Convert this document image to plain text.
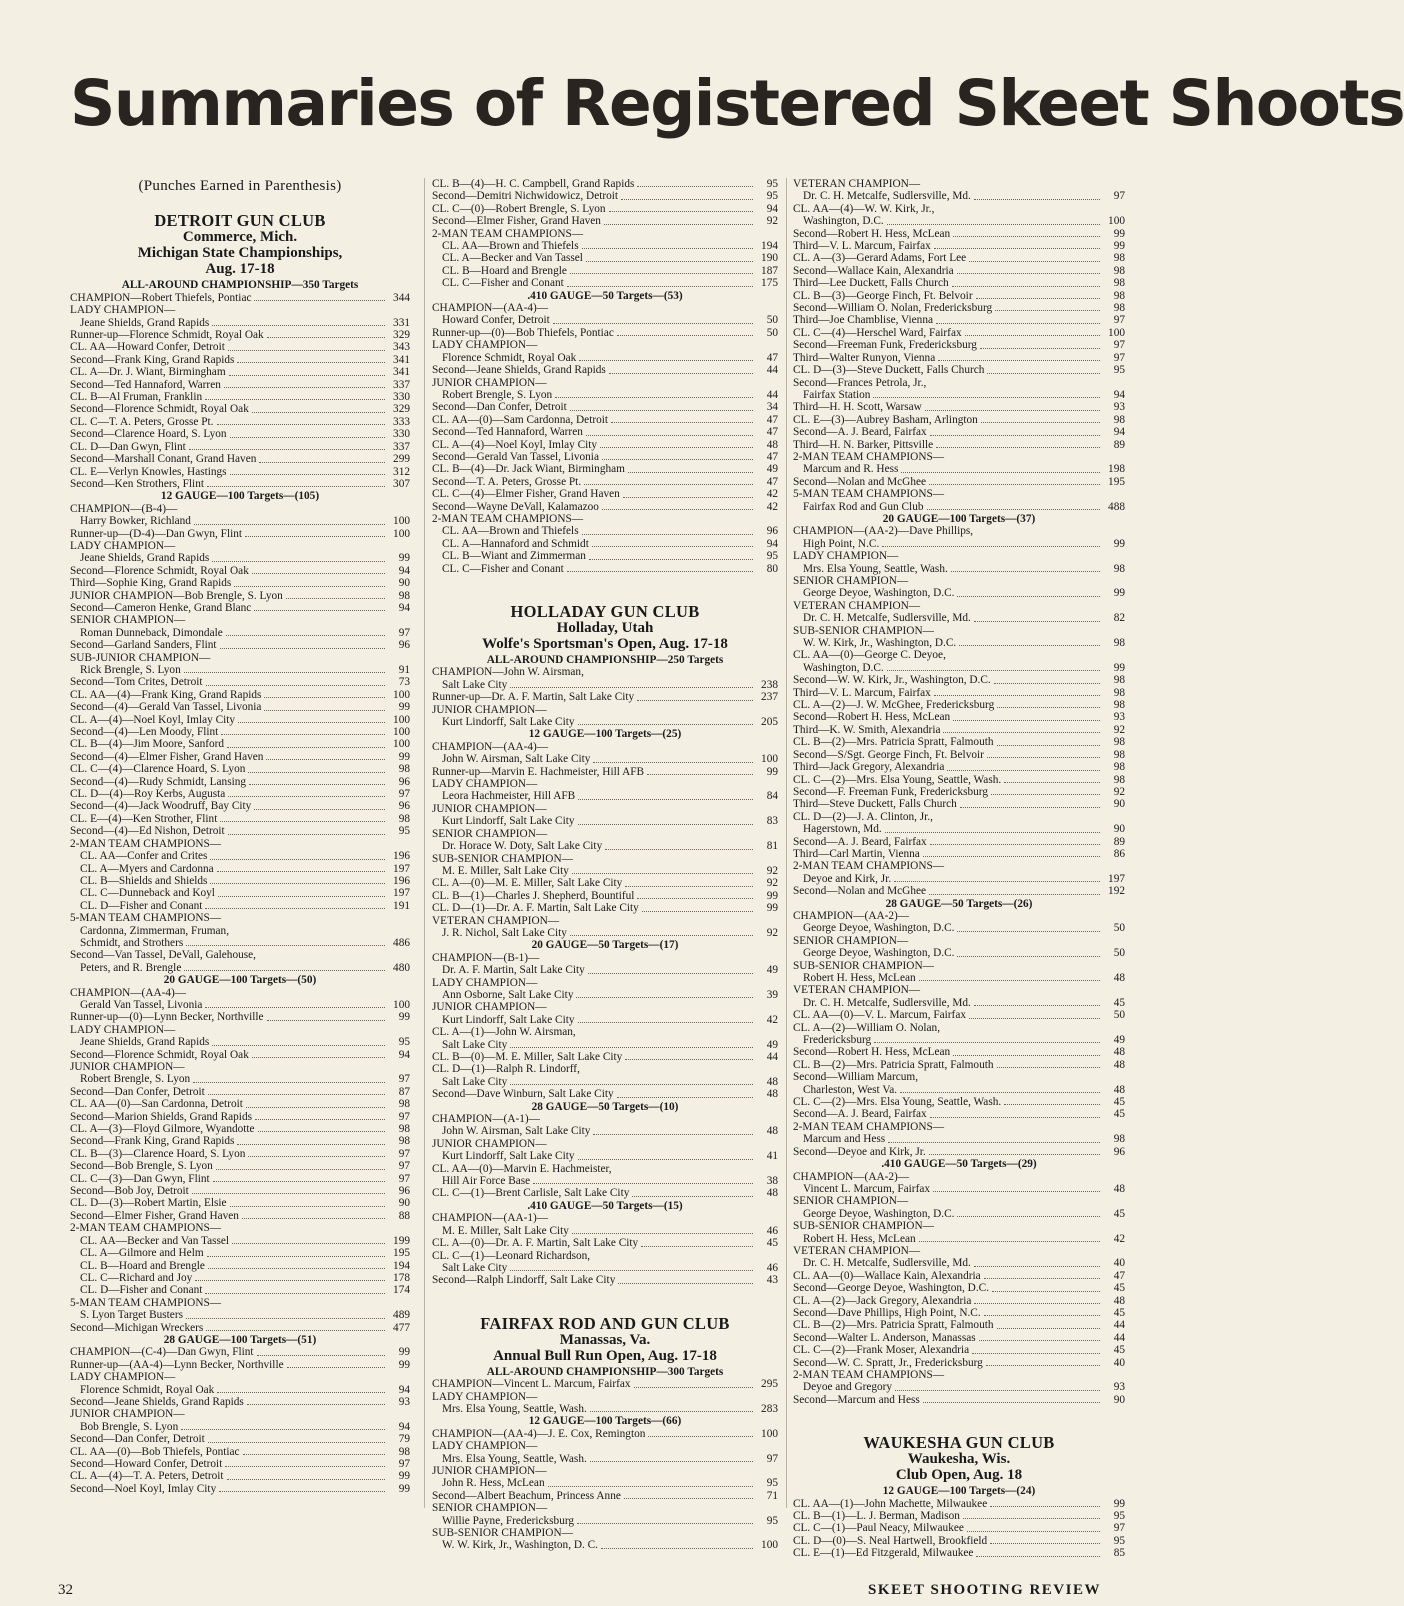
Summaries of Registered Skeet Shoots
(Punches Earned in Parenthesis)
DETROIT GUN CLUB
Commerce, Mich.
Michigan State Championships,
Aug. 17-18
ALL-AROUND CHAMPIONSHIP—350 Targets
CHAMPION—Robert Thiefels, Pontiac	344
LADY CHAMPION—
Jeane Shields, Grand Rapids	331
Runner-up—Florence Schmidt, Royal Oak	329
CL. AA—Howard Confer, Detroit	343
Second—Frank King, Grand Rapids	341
CL. A—Dr. J. Wiant, Birmingham	341
Second—Ted Hannaford, Warren	337
CL. B—Al Fruman, Franklin	330
Second—Florence Schmidt, Royal Oak	329
CL. C—T. A. Peters, Grosse Pt.	333
Second—Clarence Hoard, S. Lyon	330
CL. D—Dan Gwyn, Flint	337
Second—Marshall Conant, Grand Haven	299
CL. E—Verlyn Knowles, Hastings	312
Second—Ken Strothers, Flint	307
12 GAUGE—100 Targets—(105)
CHAMPION—(B-4)—
Harry Bowker, Richland	100
Runner-up—(D-4)—Dan Gwyn, Flint	100
LADY CHAMPION—
Jeane Shields, Grand Rapids	99
Second—Florence Schmidt, Royal Oak	94
Third—Sophie King, Grand Rapids	90
JUNIOR CHAMPION—Bob Brengle, S. Lyon	98
Second—Cameron Henke, Grand Blanc	94
SENIOR CHAMPION—
Roman Dunneback, Dimondale	97
Second—Garland Sanders, Flint	96
SUB-JUNIOR CHAMPION—
Rick Brengle, S. Lyon	91
Second—Tom Crites, Detroit	73
CL. AA—(4)—Frank King, Grand Rapids	100
Second—(4)—Gerald Van Tassel, Livonia	99
CL. A—(4)—Noel Koyl, Imlay City	100
Second—(4)—Len Moody, Flint	100
CL. B—(4)—Jim Moore, Sanford	100
Second—(4)—Elmer Fisher, Grand Haven	99
CL. C—(4)—Clarence Hoard, S. Lyon	98
Second—(4)—Rudy Schmidt, Lansing	96
CL. D—(4)—Roy Kerbs, Augusta	97
Second—(4)—Jack Woodruff, Bay City	96
CL. E—(4)—Ken Strother, Flint	98
Second—(4)—Ed Nishon, Detroit	95
2-MAN TEAM CHAMPIONS—
CL. AA—Confer and Crites	196
CL. A—Myers and Cardonna	197
CL. B—Shields and Shields	196
CL. C—Dunneback and Koyl	197
CL. D—Fisher and Conant	191
5-MAN TEAM CHAMPIONS—
Cardonna, Zimmerman, Fruman,
Schmidt, and Strothers	486
Second—Van Tassel, DeVall, Galehouse,
Peters, and R. Brengle	480
20 GAUGE—100 Targets—(50)
CHAMPION—(AA-4)—
Gerald Van Tassel, Livonia	100
Runner-up—(0)—Lynn Becker, Northville	99
LADY CHAMPION—
Jeane Shields, Grand Rapids	95
Second—Florence Schmidt, Royal Oak	94
JUNIOR CHAMPION—
Robert Brengle, S. Lyon	97
Second—Dan Confer, Detroit	87
CL. AA—(0)—San Cardonna, Detroit	98
Second—Marion Shields, Grand Rapids	97
CL. A—(3)—Floyd Gilmore, Wyandotte	98
Second—Frank King, Grand Rapids	98
CL. B—(3)—Clarence Hoard, S. Lyon	97
Second—Bob Brengle, S. Lyon	97
CL. C—(3)—Dan Gwyn, Flint	97
Second—Bob Joy, Detroit	96
CL. D—(3)—Robert Martin, Elsie	90
Second—Elmer Fisher, Grand Haven	88
2-MAN TEAM CHAMPIONS—
CL. AA—Becker and Van Tassel	199
CL. A—Gilmore and Helm	195
CL. B—Hoard and Brengle	194
CL. C—Richard and Joy	178
CL. D—Fisher and Conant	174
5-MAN TEAM CHAMPIONS—
S. Lyon Target Busters	489
Second—Michigan Wreckers	477
28 GAUGE—100 Targets—(51)
CHAMPION—(C-4)—Dan Gwyn, Flint	99
Runner-up—(AA-4)—Lynn Becker, Northville	99
LADY CHAMPION—
Florence Schmidt, Royal Oak	94
Second—Jeane Shields, Grand Rapids	93
JUNIOR CHAMPION—
Bob Brengle, S. Lyon	94
Second—Dan Confer, Detroit	79
CL. AA—(0)—Bob Thiefels, Pontiac	98
Second—Howard Confer, Detroit	97
CL. A—(4)—T. A. Peters, Detroit	99
Second—Noel Koyl, Imlay City	99
CL. B—(4)—H. C. Campbell, Grand Rapids	95
Second—Demitri Nichwidowicz, Detroit	95
CL. C—(0)—Robert Brengle, S. Lyon	94
Second—Elmer Fisher, Grand Haven	92
2-MAN TEAM CHAMPIONS—
CL. AA—Brown and Thiefels	194
CL. A—Becker and Van Tassel	190
CL. B—Hoard and Brengle	187
CL. C—Fisher and Conant	175
.410 GAUGE—50 Targets—(53)
CHAMPION—(AA-4)—
Howard Confer, Detroit	50
Runner-up—(0)—Bob Thiefels, Pontiac	50
LADY CHAMPION—
Florence Schmidt, Royal Oak	47
Second—Jeane Shields, Grand Rapids	44
JUNIOR CHAMPION—
Robert Brengle, S. Lyon	44
Second—Dan Confer, Detroit	34
CL. AA—(0)—Sam Cardonna, Detroit	47
Second—Ted Hannaford, Warren	47
CL. A—(4)—Noel Koyl, Imlay City	48
Second—Gerald Van Tassel, Livonia	47
CL. B—(4)—Dr. Jack Wiant, Birmingham	49
Second—T. A. Peters, Grosse Pt.	47
CL. C—(4)—Elmer Fisher, Grand Haven	42
Second—Wayne DeVall, Kalamazoo	42
2-MAN TEAM CHAMPIONS—
CL. AA—Brown and Thiefels	96
CL. A—Hannaford and Schmidt	94
CL. B—Wiant and Zimmerman	95
CL. C—Fisher and Conant	80
HOLLADAY GUN CLUB
Holladay, Utah
Wolfe's Sportsman's Open, Aug. 17-18
ALL-AROUND CHAMPIONSHIP—250 Targets
CHAMPION—John W. Airsman,
Salt Lake City	238
Runner-up—Dr. A. F. Martin, Salt Lake City	237
JUNIOR CHAMPION—
Kurt Lindorff, Salt Lake City	205
12 GAUGE—100 Targets—(25)
CHAMPION—(AA-4)—
John W. Airsman, Salt Lake City	100
Runner-up—Marvin E. Hachmeister, Hill AFB	99
LADY CHAMPION—
Leora Hachmeister, Hill AFB	84
JUNIOR CHAMPION—
Kurt Lindorff, Salt Lake City	83
SENIOR CHAMPION—
Dr. Horace W. Doty, Salt Lake City	81
SUB-SENIOR CHAMPION—
M. E. Miller, Salt Lake City	92
CL. A—(0)—M. E. Miller, Salt Lake City	92
CL. B—(1)—Charles J. Shepherd, Bountiful	99
CL. D—(1)—Dr. A. F. Martin, Salt Lake City	99
VETERAN CHAMPION—
J. R. Nichol, Salt Lake City	92
20 GAUGE—50 Targets—(17)
CHAMPION—(B-1)—
Dr. A. F. Martin, Salt Lake City	49
LADY CHAMPION—
Ann Osborne, Salt Lake City	39
JUNIOR CHAMPION—
Kurt Lindorff, Salt Lake City	42
CL. A—(1)—John W. Airsman,
Salt Lake City	49
CL. B—(0)—M. E. Miller, Salt Lake City	44
CL. D—(1)—Ralph R. Lindorff,
Salt Lake City	48
Second—Dave Winburn, Salt Lake City	48
28 GAUGE—50 Targets—(10)
CHAMPION—(A-1)—
John W. Airsman, Salt Lake City	48
JUNIOR CHAMPION—
Kurt Lindorff, Salt Lake City	41
CL. AA—(0)—Marvin E. Hachmeister,
Hill Air Force Base	38
CL. C—(1)—Brent Carlisle, Salt Lake City	48
.410 GAUGE—50 Targets—(15)
CHAMPION—(AA-1)—
M. E. Miller, Salt Lake City	46
CL. A—(0)—Dr. A. F. Martin, Salt Lake City	45
CL. C—(1)—Leonard Richardson,
Salt Lake City	46
Second—Ralph Lindorff, Salt Lake City	43
FAIRFAX ROD AND GUN CLUB
Manassas, Va.
Annual Bull Run Open, Aug. 17-18
ALL-AROUND CHAMPIONSHIP—300 Targets
CHAMPION—Vincent L. Marcum, Fairfax	295
LADY CHAMPION—
Mrs. Elsa Young, Seattle, Wash.	283
12 GAUGE—100 Targets—(66)
CHAMPION—(AA-4)—J. E. Cox, Remington	100
LADY CHAMPION—
Mrs. Elsa Young, Seattle, Wash.	97
JUNIOR CHAMPION—
John R. Hess, McLean	95
Second—Albert Beachum, Princess Anne	71
SENIOR CHAMPION—
Willie Payne, Fredericksburg	95
SUB-SENIOR CHAMPION—
W. W. Kirk, Jr., Washington, D. C.	100
VETERAN CHAMPION—
Dr. C. H. Metcalfe, Sudlersville, Md.	97
CL. AA—(4)—W. W. Kirk, Jr.,
Washington, D.C.	100
Second—Robert H. Hess, McLean	99
Third—V. L. Marcum, Fairfax	99
CL. A—(3)—Gerard Adams, Fort Lee	98
Second—Wallace Kain, Alexandria	98
Third—Lee Duckett, Falls Church	98
CL. B—(3)—George Finch, Ft. Belvoir	98
Second—William O. Nolan, Fredericksburg	98
Third—Joe Chamblise, Vienna	97
CL. C—(4)—Herschel Ward, Fairfax	100
Second—Freeman Funk, Fredericksburg	97
Third—Walter Runyon, Vienna	97
CL. D—(3)—Steve Duckett, Falls Church	95
Second—Frances Petrola, Jr.,
Fairfax Station	94
Third—H. H. Scott, Warsaw	93
CL. E—(3)—Aubrey Basham, Arlington	98
Second—A. J. Beard, Fairfax	94
Third—H. N. Barker, Pittsville	89
2-MAN TEAM CHAMPIONS—
Marcum and R. Hess	198
Second—Nolan and McGhee	195
5-MAN TEAM CHAMPIONS—
Fairfax Rod and Gun Club	488
20 GAUGE—100 Targets—(37)
CHAMPION—(AA-2)—Dave Phillips,
High Point, N.C.	99
LADY CHAMPION—
Mrs. Elsa Young, Seattle, Wash.	98
SENIOR CHAMPION—
George Deyoe, Washington, D.C.	99
VETERAN CHAMPION—
Dr. C. H. Metcalfe, Sudlersville, Md.	82
SUB-SENIOR CHAMPION—
W. W. Kirk, Jr., Washington, D.C.	98
CL. AA—(0)—George C. Deyoe,
Washington, D.C.	99
Second—W. W. Kirk, Jr., Washington, D.C.	98
Third—V. L. Marcum, Fairfax	98
CL. A—(2)—J. W. McGhee, Fredericksburg	98
Second—Robert H. Hess, McLean	93
Third—K. W. Smith, Alexandria	92
CL. B—(2)—Mrs. Patricia Spratt, Falmouth	98
Second—S/Sgt. George Finch, Ft. Belvoir	98
Third—Jack Gregory, Alexandria	98
CL. C—(2)—Mrs. Elsa Young, Seattle, Wash.	98
Second—F. Freeman Funk, Fredericksburg	92
Third—Steve Duckett, Falls Church	90
CL. D—(2)—J. A. Clinton, Jr.,
Hagerstown, Md.	90
Second—A. J. Beard, Fairfax	89
Third—Carl Martin, Vienna	86
2-MAN TEAM CHAMPIONS—
Deyoe and Kirk, Jr.	197
Second—Nolan and McGhee	192
28 GAUGE—50 Targets—(26)
CHAMPION—(AA-2)—
George Deyoe, Washington, D.C.	50
SENIOR CHAMPION—
George Deyoe, Washington, D.C.	50
SUB-SENIOR CHAMPION—
Robert H. Hess, McLean	48
VETERAN CHAMPION—
Dr. C. H. Metcalfe, Sudlersville, Md.	45
CL. AA—(0)—V. L. Marcum, Fairfax	50
CL. A—(2)—William O. Nolan,
Fredericksburg	49
Second—Robert H. Hess, McLean	48
CL. B—(2)—Mrs. Patricia Spratt, Falmouth	48
Second—William Marcum,
Charleston, West Va.	48
CL. C—(2)—Mrs. Elsa Young, Seattle, Wash.	45
Second—A. J. Beard, Fairfax	45
2-MAN TEAM CHAMPIONS—
Marcum and Hess	98
Second—Deyoe and Kirk, Jr.	96
.410 GAUGE—50 Targets—(29)
CHAMPION—(AA-2)—
Vincent L. Marcum, Fairfax	48
SENIOR CHAMPION—
George Deyoe, Washington, D.C.	45
SUB-SENIOR CHAMPION—
Robert H. Hess, McLean	42
VETERAN CHAMPION—
Dr. C. H. Metcalfe, Sudlersville, Md.	40
CL. AA—(0)—Wallace Kain, Alexandria	47
Second—George Deyoe, Washington, D.C.	45
CL. A—(2)—Jack Gregory, Alexandria	48
Second—Dave Phillips, High Point, N.C.	45
CL. B—(2)—Mrs. Patricia Spratt, Falmouth	44
Second—Walter L. Anderson, Manassas	44
CL. C—(2)—Frank Moser, Alexandria	45
Second—W. C. Spratt, Jr., Fredericksburg	40
2-MAN TEAM CHAMPIONS—
Deyoe and Gregory	93
Second—Marcum and Hess	90
WAUKESHA GUN CLUB
Waukesha, Wis.
Club Open, Aug. 18
12 GAUGE—100 Targets—(24)
CL. AA—(1)—John Machette, Milwaukee	99
CL. B—(1)—L. J. Berman, Madison	95
CL. C—(1)—Paul Neacy, Milwaukee	97
CL. D—(0)—S. Neal Hartwell, Brookfield	95
CL. E—(1)—Ed Fitzgerald, Milwaukee	85
32	SKEET SHOOTING REVIEW
